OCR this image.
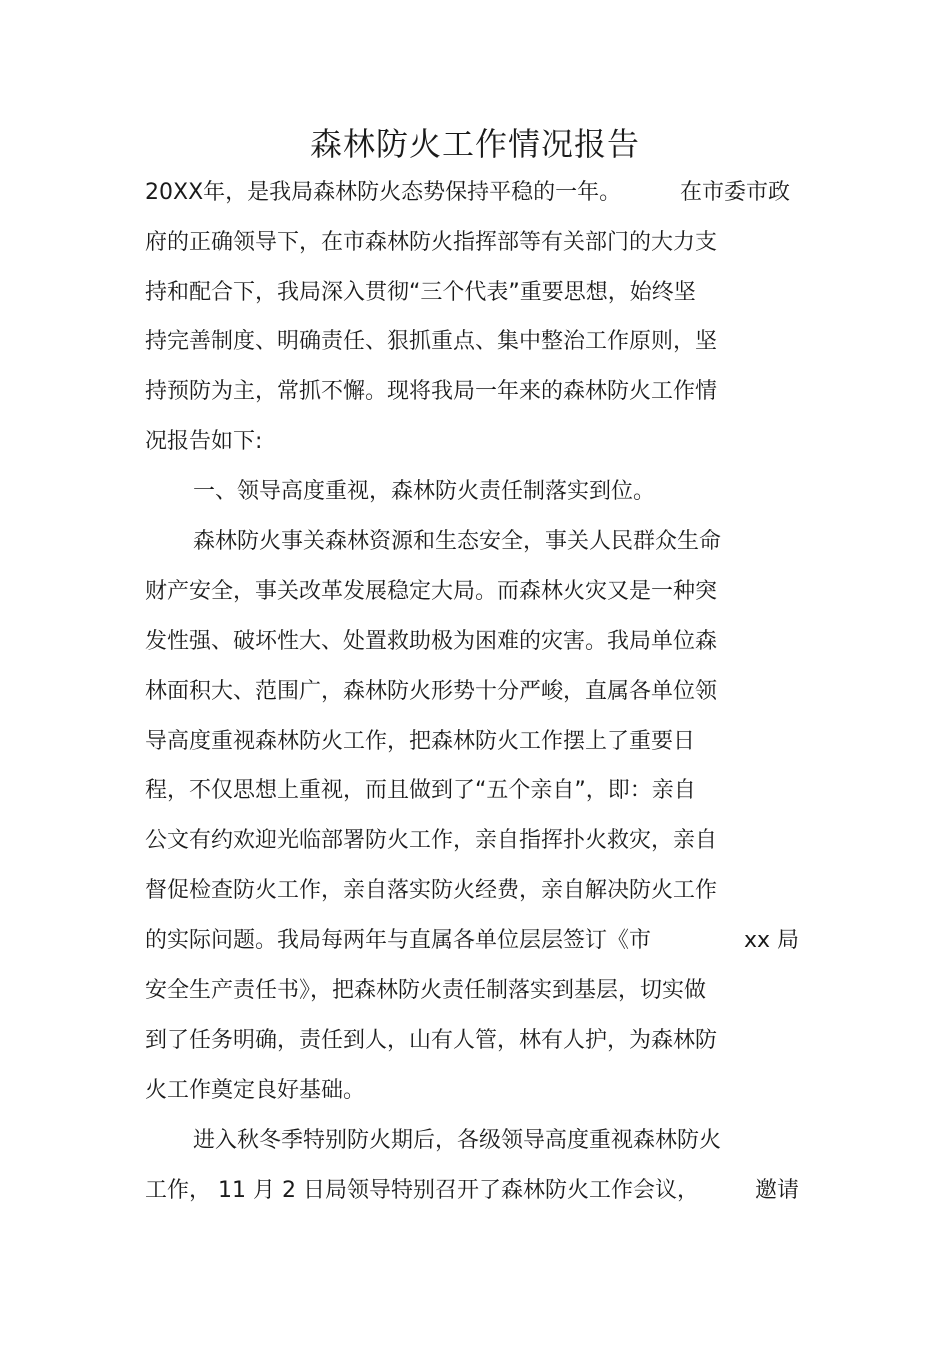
森林防火工作情况报告
20XX年，是我局森林防火态势保持平稳的一年。	在市委市政
府的正确领导下，在市森林防火指挥部等有关部门的大力支
持和配合下，我局深入贯彻“三个代表”重要思想，始终坚
持完善制度、明确责任、狠抓重点、集中整治工作原则，坚
持预防为主，常抓不懈。现将我局一年来的森林防火工作情
况报告如下:
一、领导高度重视，森林防火责任制落实到位。
森林防火事关森林资源和生态安全，事关人民群众生命
财产安全，事关改革发展稳定大局。而森林火灾又是一种突
发性强、破坏性大、处置救助极为困难的灾害。我局单位森
林面积大、范围广，森林防火形势十分严峻，直属各单位领
导高度重视森林防火工作，把森林防火工作摆上了重要日
程，不仅思想上重视，而且做到了“五个亲自”，即：亲自
公文有约欢迎光临部署防火工作，亲自指挥扑火救灾，亲自
督促检查防火工作，亲自落实防火经费，亲自解决防火工作
的实际问题。我局每两年与直属各单位层层签订《市	xx 局
安全生产责任书》，把森林防火责任制落实到基层，切实做
到了任务明确，责任到人，山有人管，林有人护，为森林防
火工作奠定良好基础。
进入秋冬季特别防火期后，各级领导高度重视森林防火
工作， 11 月 2 日局领导特别召开了森林防火工作会议，	邀请
